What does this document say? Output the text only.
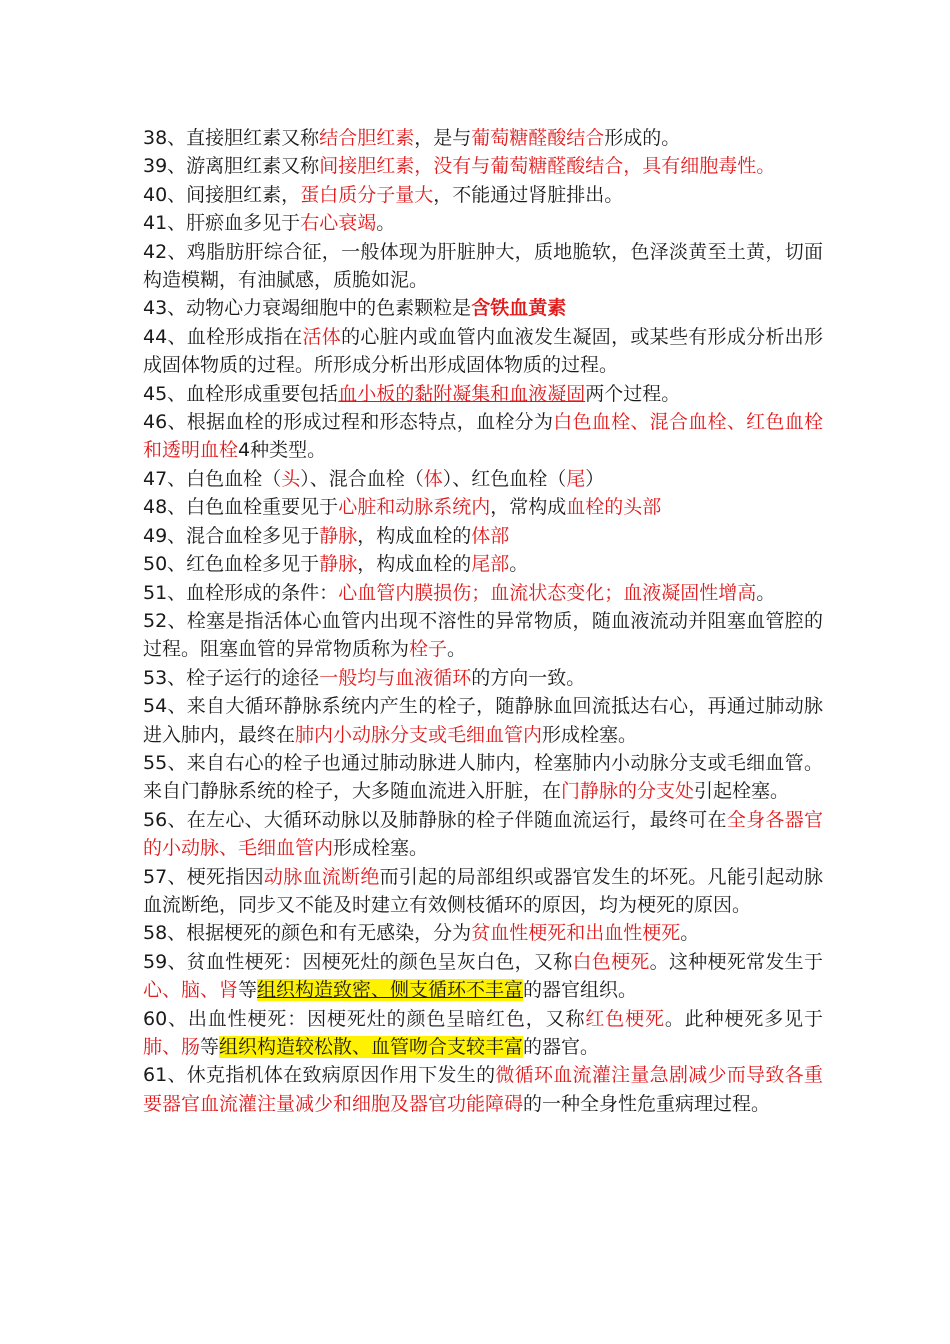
38、直接胆红素又称结合胆红素，是与葡萄糖醛酸结合形成的。

39、游离胆红素又称间接胆红素，没有与葡萄糖醛酸结合，具有细胞毒性。

40、间接胆红素，蛋白质分子量大，不能通过肾脏排出。

41、肝瘀血多见于右心衰竭。

42、鸡脂肪肝综合征，一般体现为肝脏肿大，质地脆软，色泽淡黄至土黄，切面构造模糊，有油腻感，质脆如泥。

43、动物心力衰竭细胞中的色素颗粒是含铁血黄素

44、血栓形成指在活体的心脏内或血管内血液发生凝固，或某些有形成分析出形成固体物质的过程。所形成分析出形成固体物质的过程。

45、血栓形成重要包括血小板的黏附凝集和血液凝固两个过程。

46、根据血栓的形成过程和形态特点，血栓分为白色血栓、混合血栓、红色血栓和透明血栓4种类型。

47、白色血栓（头）、混合血栓（体）、红色血栓（尾）

48、白色血栓重要见于心脏和动脉系统内，常构成血栓的头部

49、混合血栓多见于静脉，构成血栓的体部

50、红色血栓多见于静脉，构成血栓的尾部。

51、血栓形成的条件：心血管内膜损伤；血流状态变化；血液凝固性增高。

52、栓塞是指活体心血管内出现不溶性的异常物质，随血液流动并阻塞血管腔的过程。阻塞血管的异常物质称为栓子。

53、栓子运行的途径一般均与血液循环的方向一致。

54、来自大循环静脉系统内产生的栓子，随静脉血回流抵达右心，再通过肺动脉进入肺内，最终在肺内小动脉分支或毛细血管内形成栓塞。

55、来自右心的栓子也通过肺动脉进人肺内，栓塞肺内小动脉分支或毛细血管。来自门静脉系统的栓子，大多随血流进入肝脏，在门静脉的分支处引起栓塞。

56、在左心、大循环动脉以及肺静脉的栓子伴随血流运行，最终可在全身各器官的小动脉、毛细血管内形成栓塞。

57、梗死指因动脉血流断绝而引起的局部组织或器官发生的坏死。凡能引起动脉血流断绝，同步又不能及时建立有效侧枝循环的原因，均为梗死的原因。

58、根据梗死的颜色和有无感染，分为贫血性梗死和出血性梗死。

59、贫血性梗死：因梗死灶的颜色呈灰白色，又称白色梗死。这种梗死常发生于心、脑、肾等组织构造致密、侧支循环不丰富的器官组织。

60、出血性梗死：因梗死灶的颜色呈暗红色，又称红色梗死。此种梗死多见于肺、肠等组织构造较松散、血管吻合支较丰富的器官。

61、休克指机体在致病原因作用下发生的微循环血流灌注量急剧减少而导致各重要器官血流灌注量减少和细胞及器官功能障碍的一种全身性危重病理过程。
